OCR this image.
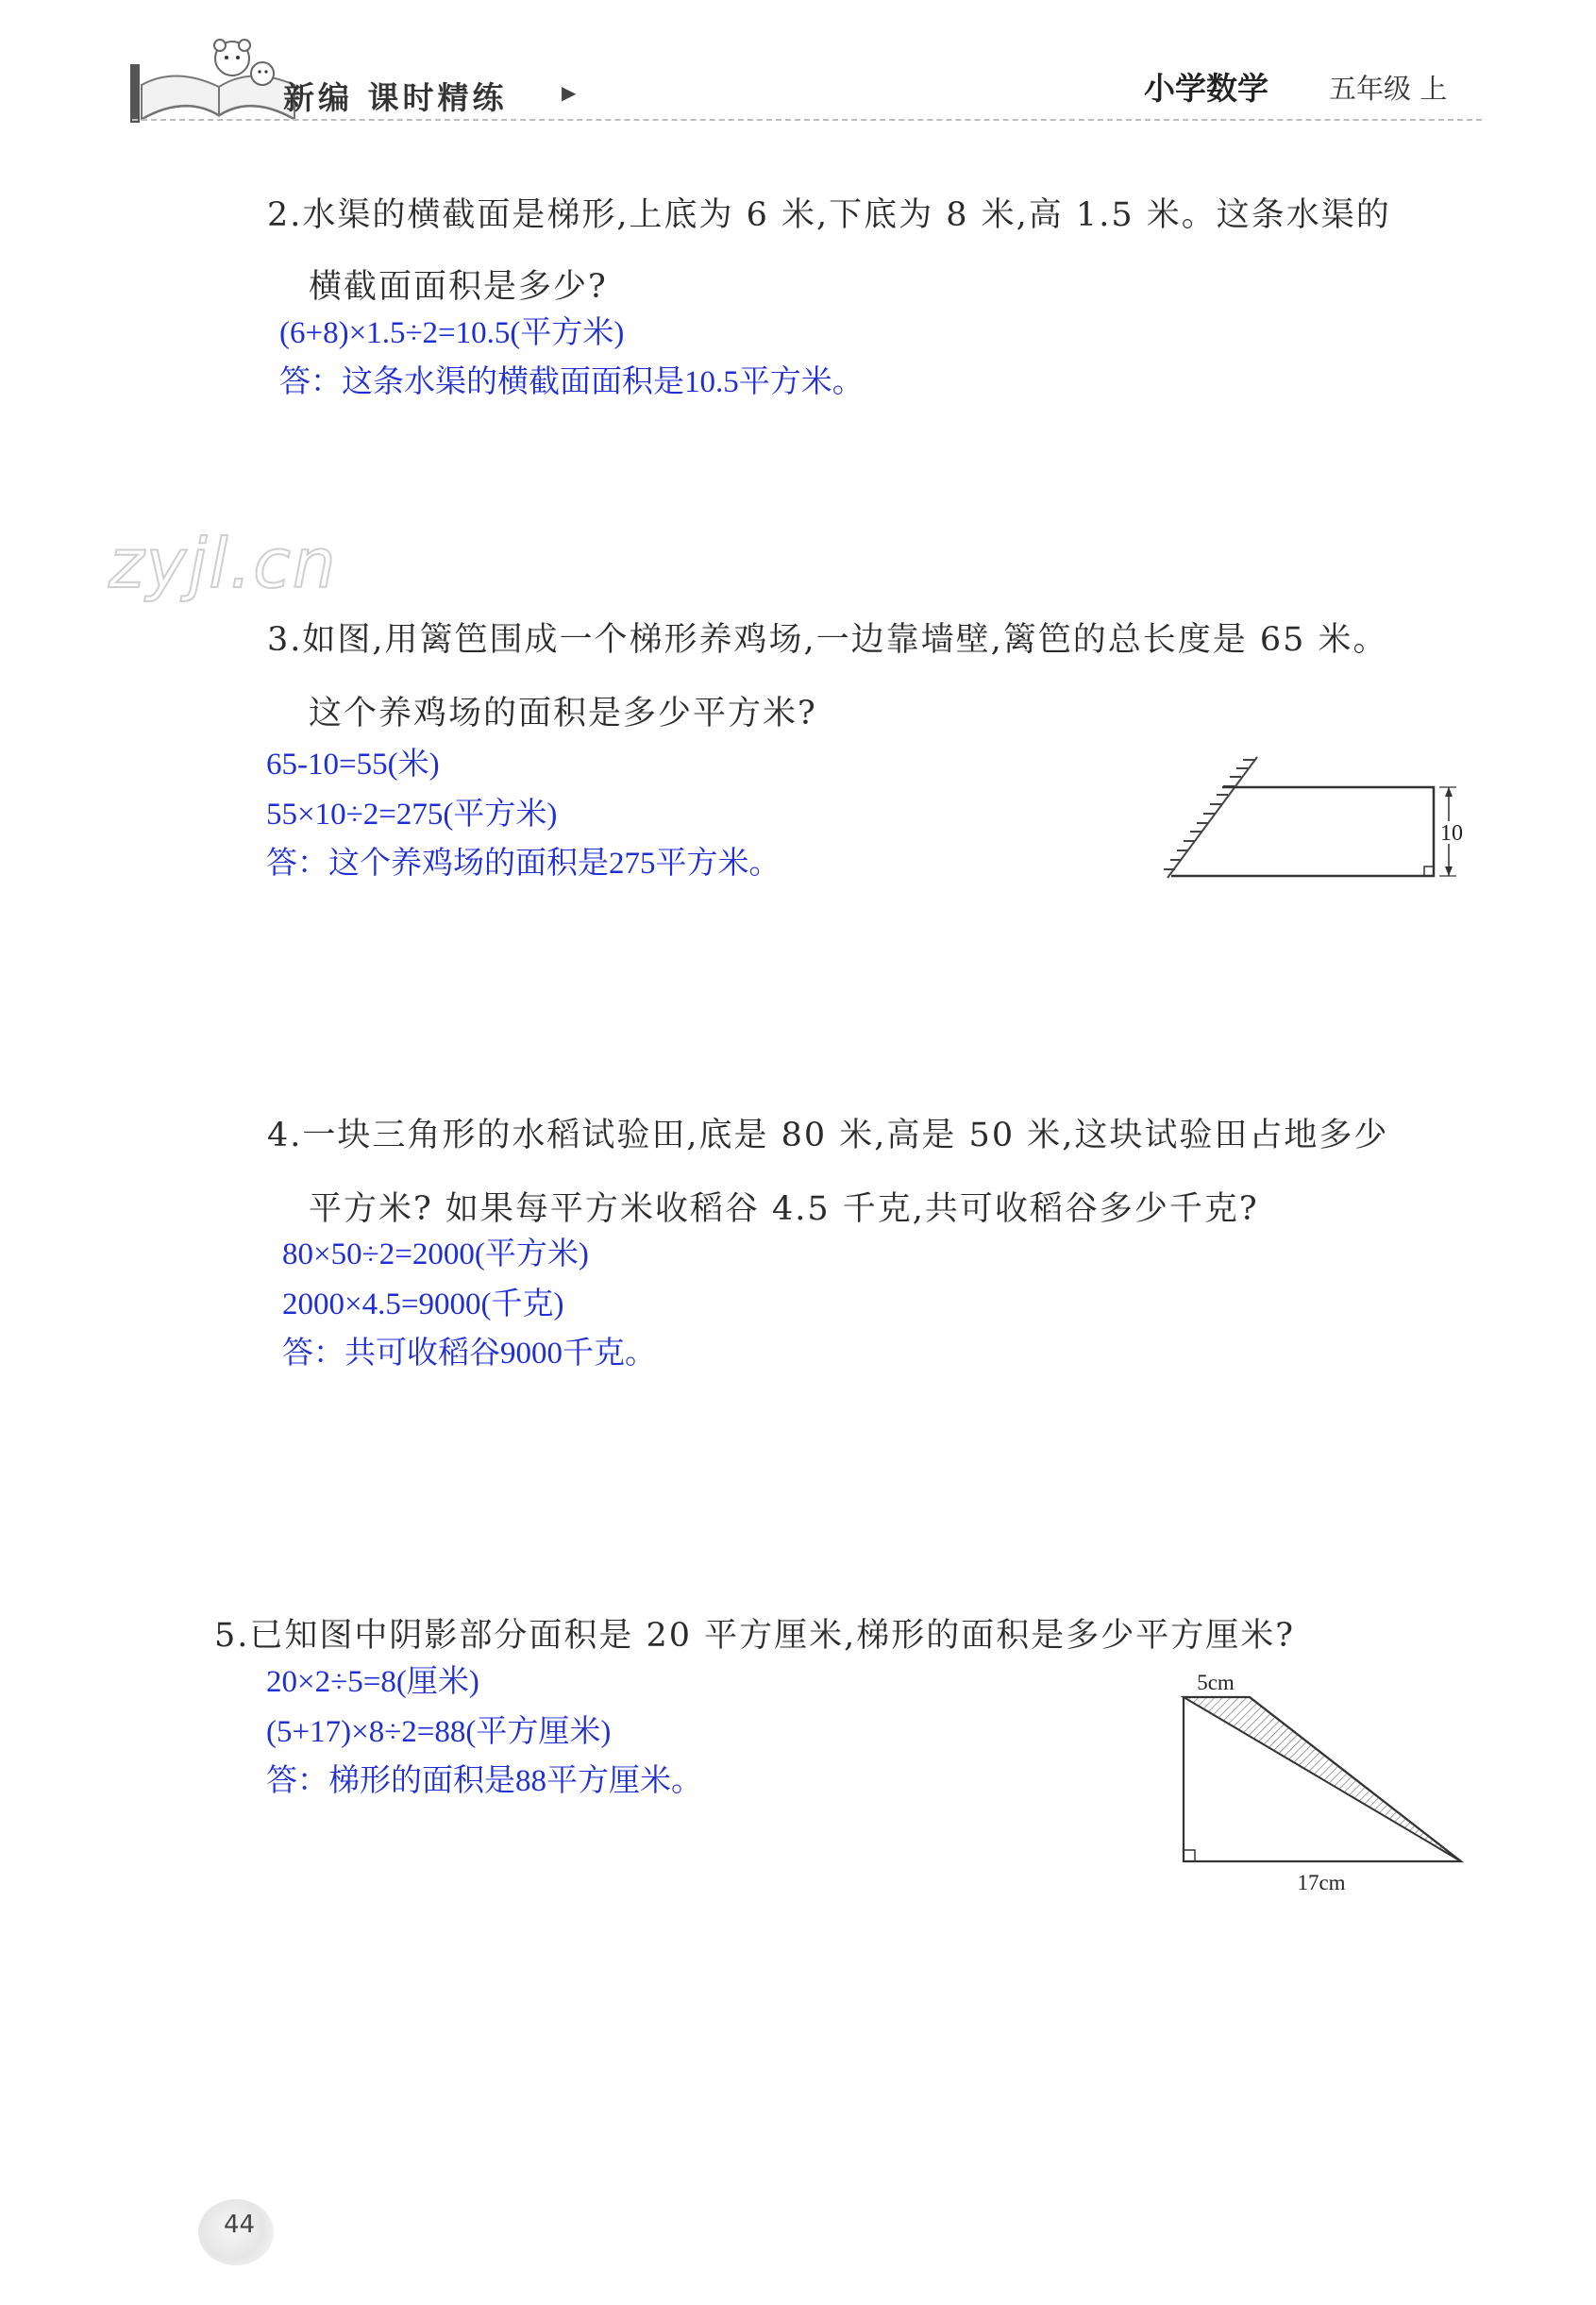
新编 课时精练	▶	小学数学 五年级 上
2.水渠的横截面是梯形,上底为 6 米,下底为 8 米,高 1.5 米。这条水渠的
横截面面积是多少?
(6+8)×1.5÷2=10.5(平方米)
答：这条水渠的横截面面积是10.5平方米。
zyjl.cn
3.如图,用篱笆围成一个梯形养鸡场,一边靠墙壁,篱笆的总长度是 65 米。
这个养鸡场的面积是多少平方米?
65-10=55(米)
55×10÷2=275(平方米)
答：这个养鸡场的面积是275平方米。
10
4.一块三角形的水稻试验田,底是 80 米,高是 50 米,这块试验田占地多少
平方米? 如果每平方米收稻谷 4.5 千克,共可收稻谷多少千克?
80×50÷2=2000(平方米)
2000×4.5=9000(千克)
答：共可收稻谷9000千克。
5.已知图中阴影部分面积是 20 平方厘米,梯形的面积是多少平方厘米?
20×2÷5=8(厘米)
(5+17)×8÷2=88(平方厘米)
答：梯形的面积是88平方厘米。
5cm
17cm
44
